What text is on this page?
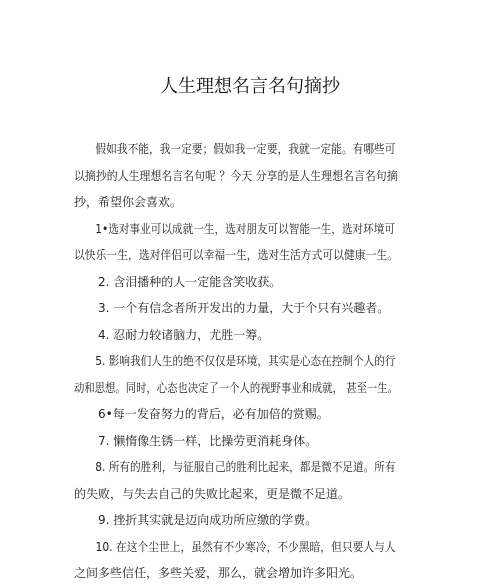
人生理想名言名句摘抄

假如我不能，我一定要；假如我一定要，我就一定能。有哪些可
以摘抄的人生理想名言名句呢 ？今天 分享的是人生理想名言名句摘
抄，希望你会喜欢。

1•选对事业可以成就一生，选对朋友可以智能一生，选对环境可
以快乐一生，选对伴侣可以幸福一生，选对生活方式可以健康一生。

2. 含泪播种的人一定能含笑收获。

3. 一个有信念者所开发出的力量，大于个只有兴趣者。

4. 忍耐力较诸脑力，尤胜一筹。

5. 影响我们人生的绝不仅仅是环境，其实是心态在控制个人的行
动和思想。同时，心态也决定了一个人的视野事业和成就， 甚至一生。

6•每一发奋努力的背后，必有加倍的赏赐。

7. 懒惰像生锈一样，比操劳更消耗身体。

8. 所有的胜利，与征服自己的胜利比起来，都是微不足道。所有
的失败，与失去自己的失败比起来，更是微不足道。

9. 挫折其实就是迈向成功所应缴的学费。

10. 在这个尘世上，虽然有不少寒冷，不少黑暗，但只要人与人
之间多些信任，多些关爱，那么，就会增加许多阳光。
